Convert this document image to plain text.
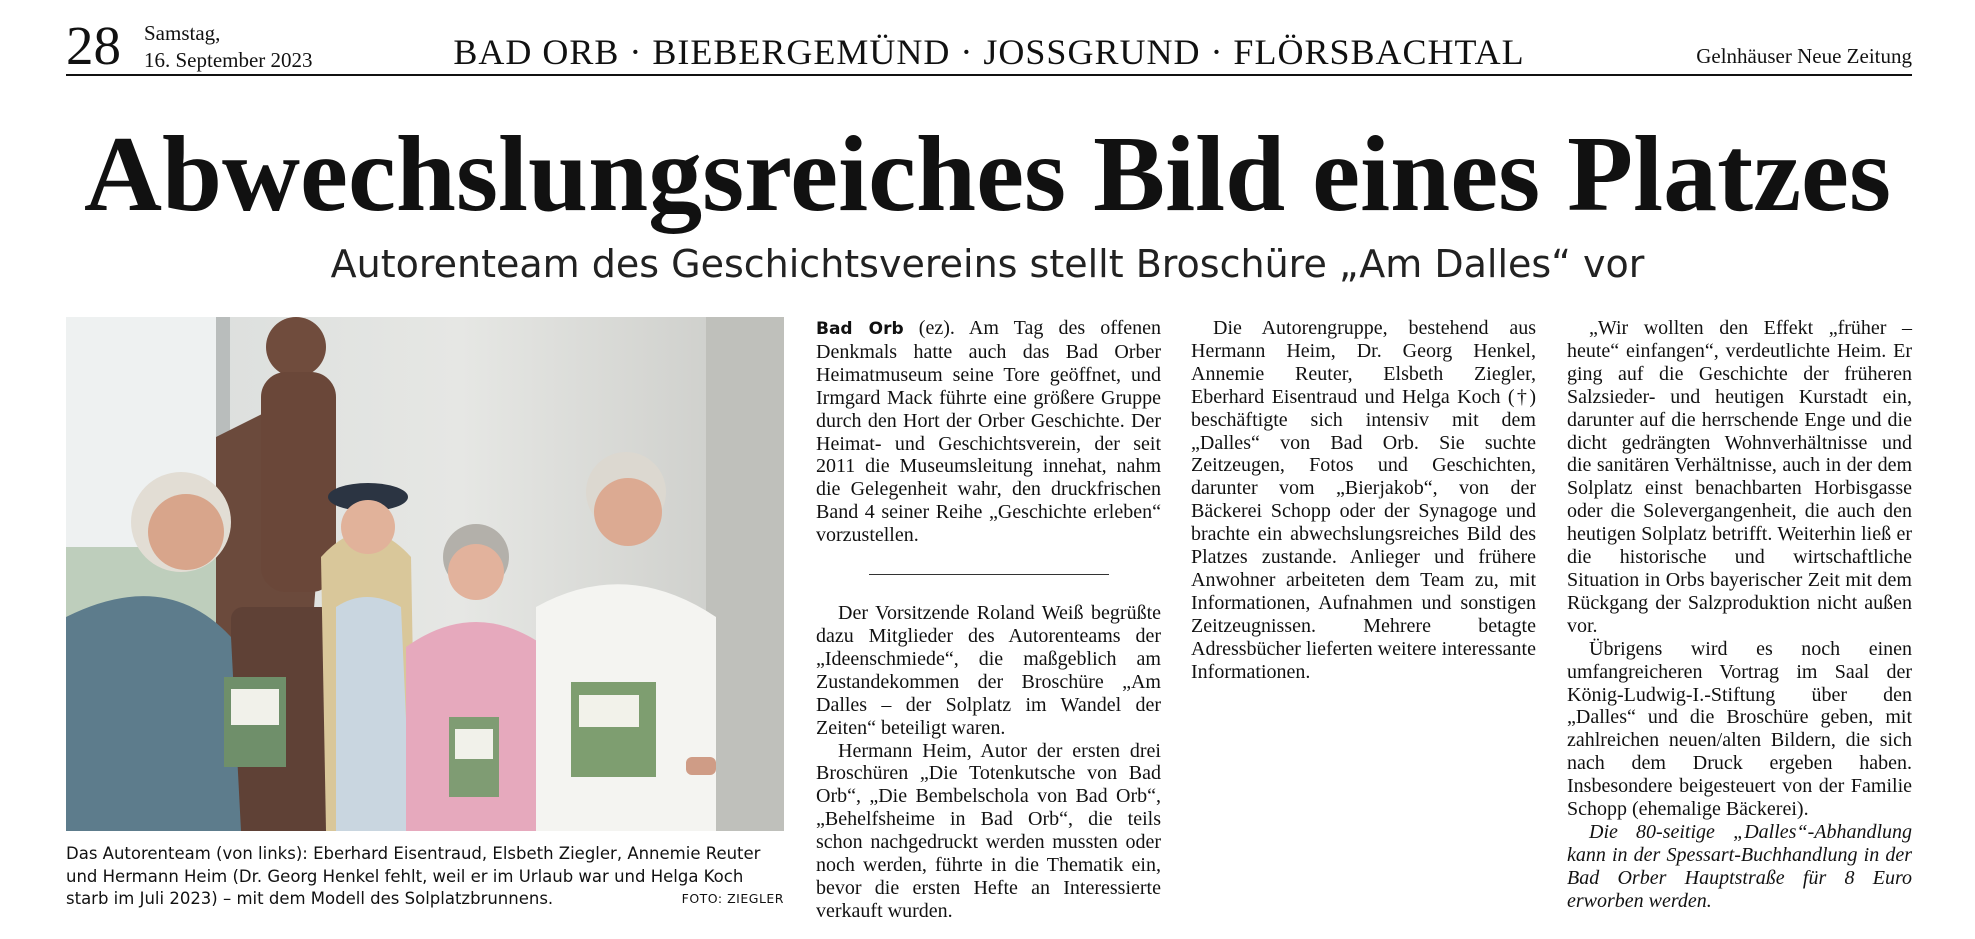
28 Samstag,
16. September 2023	BAD ORB · BIEBERGEMÜND · JOSSGRUND · FLÖRSBACHTAL	Gelnhäuser Neue Zeitung
Abwechslungsreiches Bild eines Platzes
Autorenteam des Geschichtsvereins stellt Broschüre „Am Dalles“ vor
Das Autorenteam (von links): Eberhard Eisentraud, Elsbeth Ziegler, Annemie Reuter und Hermann Heim (Dr. Georg Henkel fehlt, weil er im Urlaub war und Helga Koch starb im Juli 2023) – mit dem Modell des Solplatzbrunnens.	FOTO: ZIEGLER

Bad Orb (ez). Am Tag des offenen Denkmals hatte auch das Bad Orber Heimatmuseum seine Tore geöffnet, und Irmgard Mack führte eine größere Gruppe durch den Hort der Orber Geschichte. Der Heimat- und Geschichtsverein, der seit 2011 die Museumsleitung innehat, nahm die Gelegenheit wahr, den druckfrischen Band 4 seiner Reihe „Geschichte erleben“ vorzustellen.

Der Vorsitzende Roland Weiß begrüßte dazu Mitglieder des Autorenteams der „Ideenschmiede“, die maßgeblich am Zustandekommen der Broschüre „Am Dalles – der Solplatz im Wandel der Zeiten“ beteiligt waren.

Hermann Heim, Autor der ersten drei Broschüren „Die Totenkutsche von Bad Orb“, „Die Bembelschola von Bad Orb“, „Behelfsheime in Bad Orb“, die teils schon nachgedruckt werden mussten oder noch werden, führte in die Thematik ein, bevor die ersten Hefte an Interessierte verkauft wurden.

Die Autorengruppe, bestehend aus Hermann Heim, Dr. Georg Henkel, Annemie Reuter, Elsbeth Ziegler, Eberhard Eisentraud und Helga Koch (†) beschäftigte sich intensiv mit dem „Dalles“ von Bad Orb. Sie suchte Zeitzeugen, Fotos und Geschichten, darunter vom „Bierjakob“, von der Bäckerei Schopp oder der Synagoge und brachte ein abwechslungsreiches Bild des Platzes zustande. Anlieger und frühere Anwohner arbeiteten dem Team zu, mit Informationen, Aufnahmen und sonstigen Zeitzeugnissen. Mehrere betagte Adressbücher lieferten weitere interessante Informationen.

„Wir wollten den Effekt „früher – heute“ einfangen“, verdeutlichte Heim. Er ging auf die Geschichte der früheren Salzsieder- und heutigen Kurstadt ein, darunter auf die herrschende Enge und die dicht gedrängten Wohnverhältnisse und die sanitären Verhältnisse, auch in der dem Solplatz einst benachbarten Horbisgasse oder die Solevergangenheit, die auch den heutigen Solplatz betrifft. Weiterhin ließ er die historische und wirtschaftliche Situation in Orbs bayerischer Zeit mit dem Rückgang der Salzproduktion nicht außen vor.

Übrigens wird es noch einen umfangreicheren Vortrag im Saal der König-Ludwig-I.-Stiftung über den „Dalles“ und die Broschüre geben, mit zahlreichen neuen/alten Bildern, die sich nach dem Druck ergeben haben. Insbesondere beigesteuert von der Familie Schopp (ehemalige Bäckerei).

Die 80-seitige „Dalles“-Abhandlung kann in der Spessart-Buchhandlung in der Bad Orber Hauptstraße für 8 Euro erworben werden.
